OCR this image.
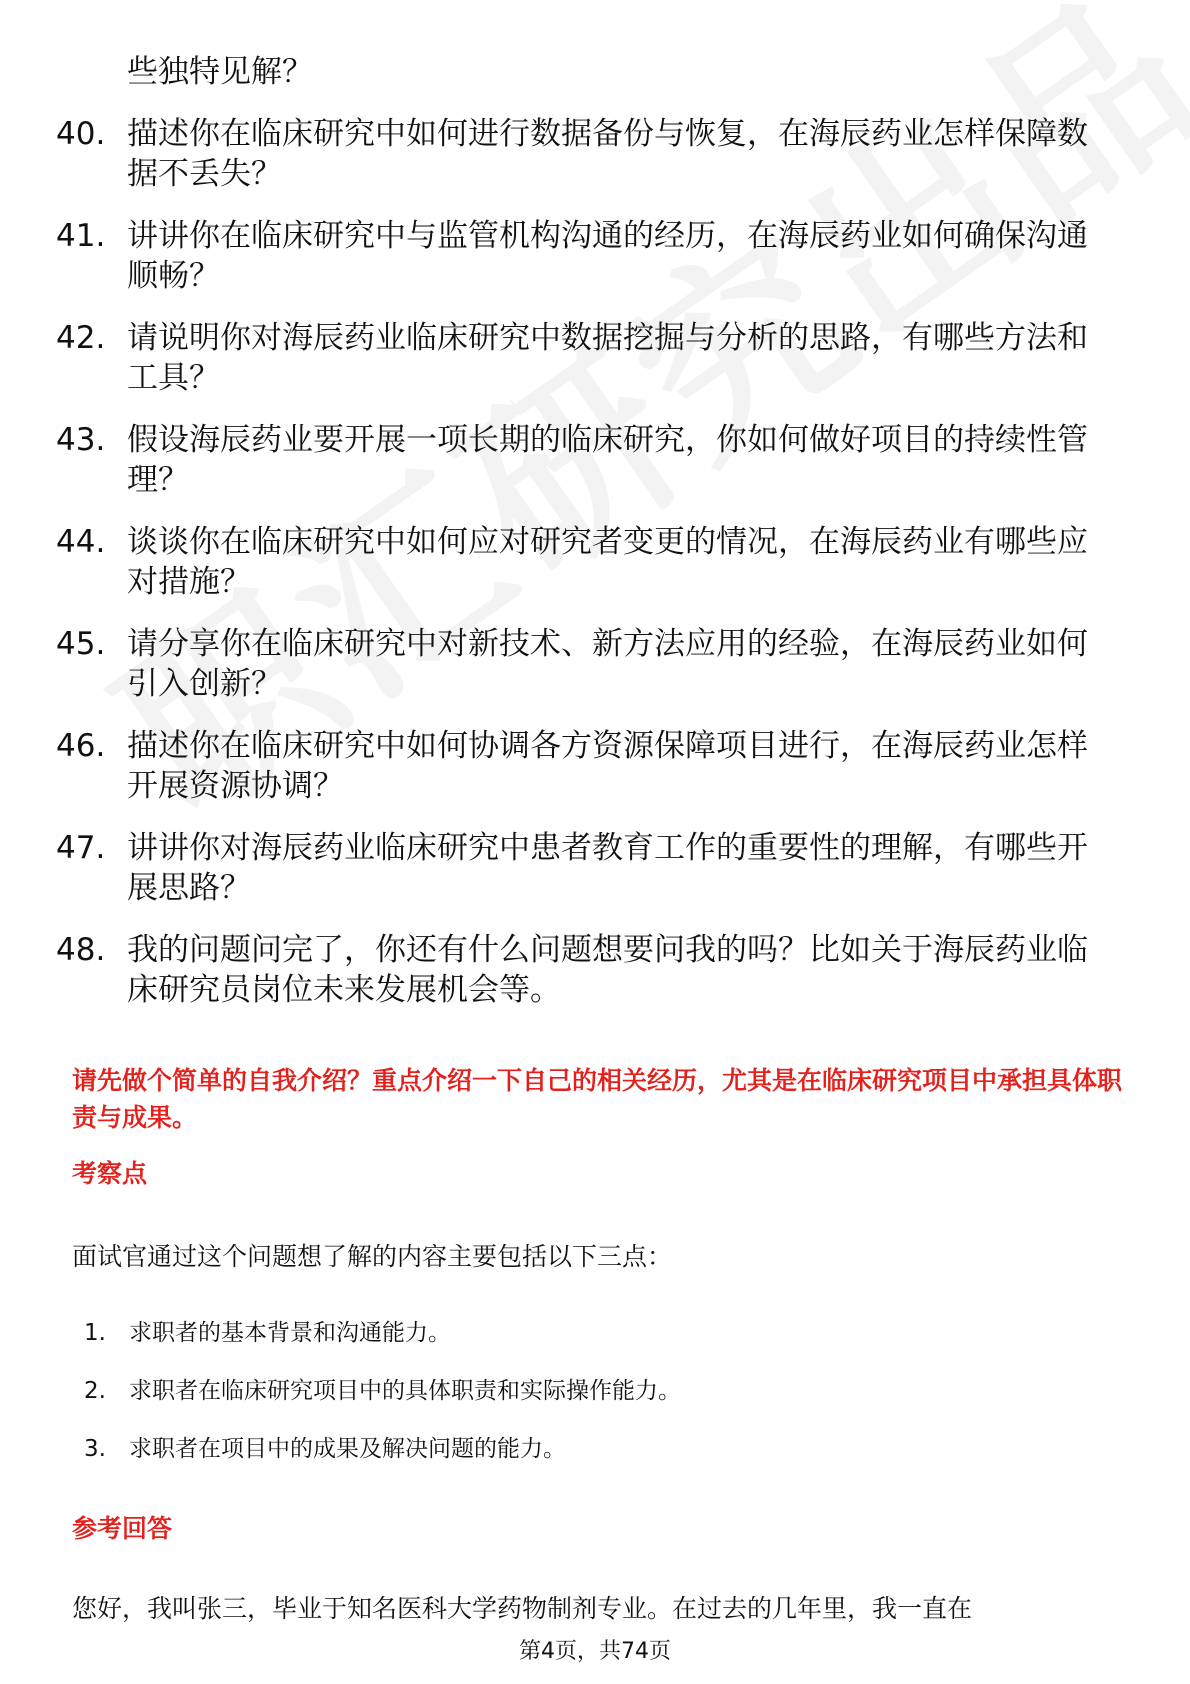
些独特见解？
40. 描述你在临床研究中如何进行数据备份与恢复，在海辰药业怎样保障数据不丢失？
41. 讲讲你在临床研究中与监管机构沟通的经历，在海辰药业如何确保沟通顺畅？
42. 请说明你对海辰药业临床研究中数据挖掘与分析的思路，有哪些方法和工具？
43. 假设海辰药业要开展一项长期的临床研究，你如何做好项目的持续性管理？
44. 谈谈你在临床研究中如何应对研究者变更的情况，在海辰药业有哪些应对措施？
45. 请分享你在临床研究中对新技术、新方法应用的经验，在海辰药业如何引入创新？
46. 描述你在临床研究中如何协调各方资源保障项目进行，在海辰药业怎样开展资源协调？
47. 讲讲你对海辰药业临床研究中患者教育工作的重要性的理解，有哪些开展思路？
48. 我的问题问完了，你还有什么问题想要问我的吗？比如关于海辰药业临床研究员岗位未来发展机会等。
请先做个简单的自我介绍？重点介绍一下自己的相关经历，尤其是在临床研究项目中承担具体职责与成果。
考察点
面试官通过这个问题想了解的内容主要包括以下三点：
1.	求职者的基本背景和沟通能力。
2.	求职者在临床研究项目中的具体职责和实际操作能力。
3.	求职者在项目中的成果及解决问题的能力。
参考回答
您好，我叫张三，毕业于知名医科大学药物制剂专业。在过去的几年里，我一直在
第4页，共74页
